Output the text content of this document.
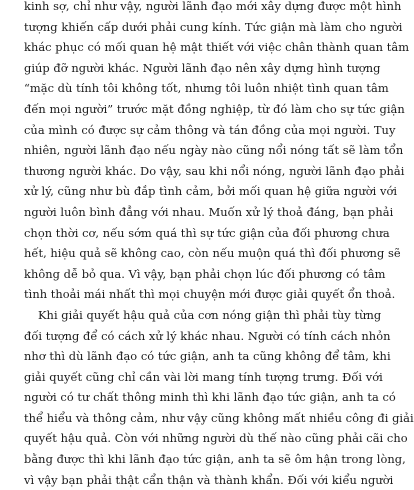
kinh sợ, chỉ như vậy, người lãnh đạo mới xây dựng được một hình
tượng khiến cấp dưới phải cung kính. Tức giận mà làm cho người
khác phục có mối quan hệ mật thiết với việc chân thành quan tâm
giúp đỡ người khác. Người lãnh đạo nên xây dựng hình tượng
“mặc dù tính tôi không tốt, nhưng tôi luôn nhiệt tình quan tâm
đến mọi người” trước mặt đồng nghiệp, từ đó làm cho sự tức giận
của mình có được sự cảm thông và tán đồng của mọi người. Tuy
nhiên, người lãnh đạo nếu ngày nào cũng nổi nóng tất sẽ làm tổn
thương người khác. Do vậy, sau khi nổi nóng, người lãnh đạo phải
xử lý, cũng như bù đắp tình cảm, bởi mối quan hệ giữa người với
người luôn bình đẳng với nhau. Muốn xử lý thoả đáng, bạn phải
chọn thời cơ, nếu sớm quá thì sự tức giận của đối phương chưa
hết, hiệu quả sẽ không cao, còn nếu muộn quá thì đối phương sẽ
không dễ bỏ qua. Vì vậy, bạn phải chọn lúc đối phương có tâm
tình thoải mái nhất thì mọi chuyện mới được giải quyết ổn thoả.

Khi giải quyết hậu quả của cơn nóng giận thì phải tùy từng
đối tượng để có cách xử lý khác nhau. Người có tính cách nhỏn
nhơ thì dù lãnh đạo có tức giận, anh ta cũng không để tâm, khi
giải quyết cũng chỉ cần vài lời mang tính tượng trưng. Đối với
người có tư chất thông minh thì khi lãnh đạo tức giận, anh ta có
thể hiểu và thông cảm, như vậy cũng không mất nhiều công đi giải
quyết hậu quả. Còn với những người dù thế nào cũng phải cãi cho
bằng được thì khi lãnh đạo tức giận, anh ta sẽ ôm hận trong lòng,
vì vậy bạn phải thật cẩn thận và thành khẩn. Đối với kiểu người
